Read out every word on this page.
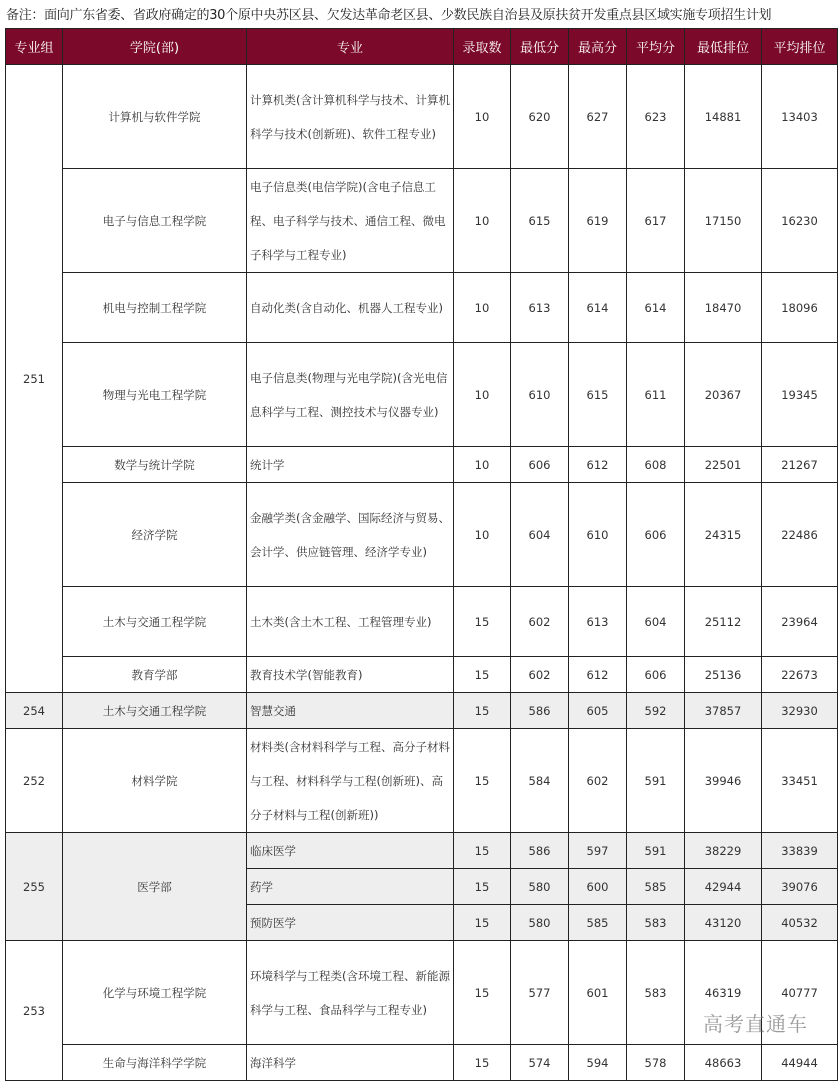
备注：面向广东省委、省政府确定的30个原中央苏区县、欠发达革命老区县、少数民族自治县及原扶贫开发重点县区域实施专项招生计划
专业组	学院(部)	专业	录取数	最低分	最高分	平均分	最低排位	平均排位
251	计算机与软件学院	计算机类(含计算机科学与技术、计算机科学与技术(创新班)、软件工程专业)	10	620	627	623	14881	13403
	电子与信息工程学院	电子信息类(电信学院)(含电子信息工程、电子科学与技术、通信工程、微电子科学与工程专业)	10	615	619	617	17150	16230
	机电与控制工程学院	自动化类(含自动化、机器人工程专业)	10	613	614	614	18470	18096
	物理与光电工程学院	电子信息类(物理与光电学院)(含光电信息科学与工程、测控技术与仪器专业)	10	610	615	611	20367	19345
	数学与统计学院	统计学	10	606	612	608	22501	21267
	经济学院	金融学类(含金融学、国际经济与贸易、会计学、供应链管理、经济学专业)	10	604	610	606	24315	22486
	土木与交通工程学院	土木类(含土木工程、工程管理专业)	15	602	613	604	25112	23964
	教育学部	教育技术学(智能教育)	15	602	612	606	25136	22673
254	土木与交通工程学院	智慧交通	15	586	605	592	37857	32930
252	材料学院	材料类(含材料科学与工程、高分子材料与工程、材料科学与工程(创新班)、高分子材料与工程(创新班))	15	584	602	591	39946	33451
255	医学部	临床医学	15	586	597	591	38229	33839
		药学	15	580	600	585	42944	39076
		预防医学	15	580	585	583	43120	40532
253	化学与环境工程学院	环境科学与工程类(含环境工程、新能源科学与工程、食品科学与工程专业)	15	577	601	583	46319	40777
	生命与海洋科学学院	海洋科学	15	574	594	578	48663	44944
高考直通车
